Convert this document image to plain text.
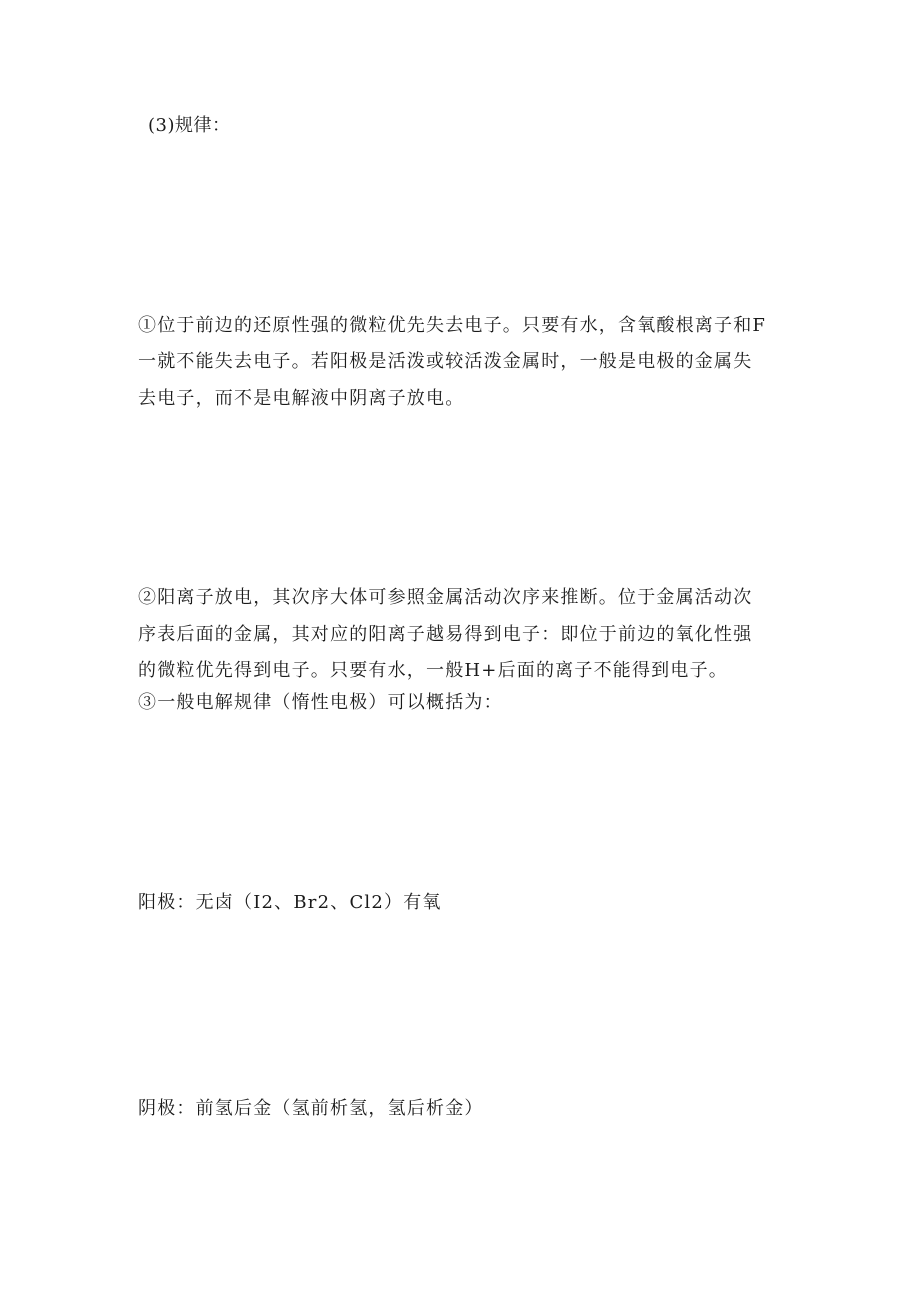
(3)规律：
①位于前边的还原性强的微粒优先失去电子。只要有水，含氧酸根离子和F
一就不能失去电子。若阳极是活泼或较活泼金属时，一般是电极的金属失
去电子，而不是电解液中阴离子放电。
②阳离子放电，其次序大体可参照金属活动次序来推断。位于金属活动次
序表后面的金属，其对应的阳离子越易得到电子：即位于前边的氧化性强
的微粒优先得到电子。只要有水，一般H+后面的离子不能得到电子。
③一般电解规律（惰性电极）可以概括为：
阳极：无卤（I2、Br2、Cl2）有氧
阴极：前氢后金（氢前析氢，氢后析金）
